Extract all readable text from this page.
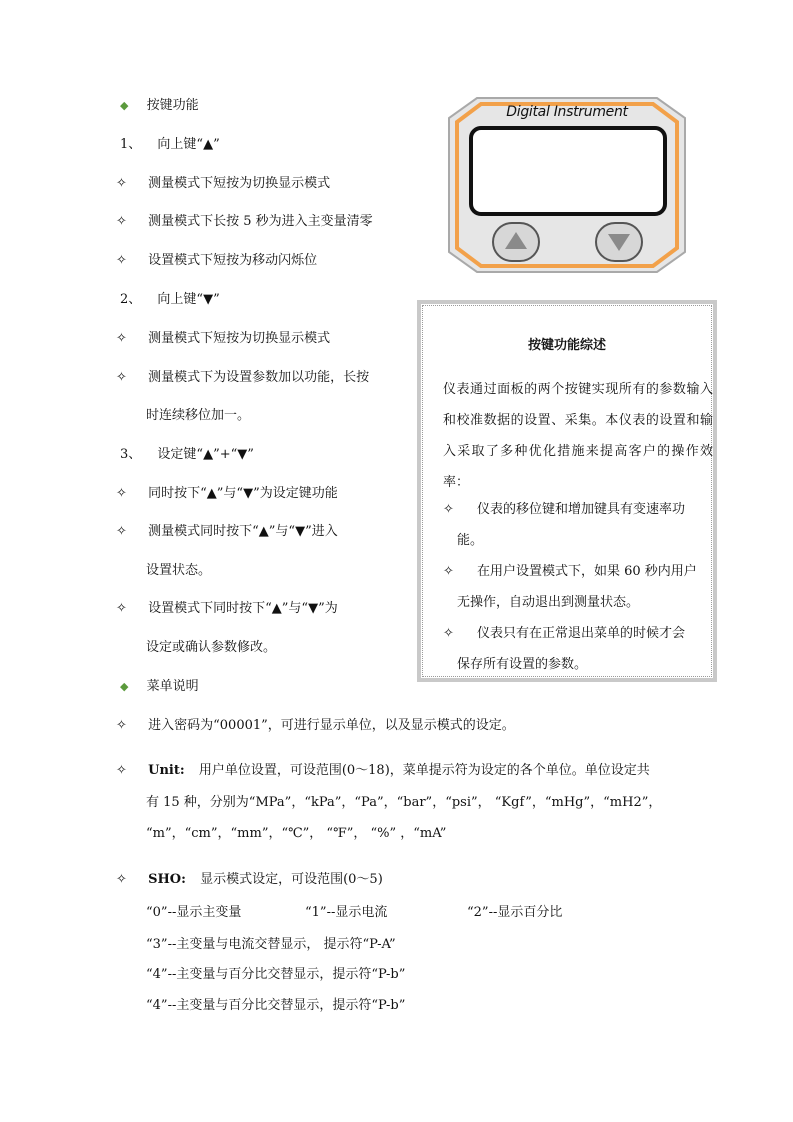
◆ 按键功能
1、 向上键“▲”
✧ 测量模式下短按为切换显示模式
✧ 测量模式下长按 5 秒为进入主变量清零
✧ 设置模式下短按为移动闪烁位
2、 向上键“▼”
✧ 测量模式下短按为切换显示模式
✧ 测量模式下为设置参数加以功能，长按
时连续移位加一。
3、 设定键“▲”+“▼”
✧ 同时按下“▲”与“▼”为设定键功能
✧ 测量模式同时按下“▲”与“▼”进入
设置状态。
✧ 设置模式下同时按下“▲”与“▼”为
设定或确认参数修改。
Digital Instrument
按键功能综述
仪表通过面板的两个按键实现所有的参数输入和校准数据的设置、采集。本仪表的设置和输入采取了多种优化措施来提高客户的操作效率：
✧ 仪表的移位键和增加键具有变速率功
能。
✧ 在用户设置模式下，如果 60 秒内用户
无操作，自动退出到测量状态。
✧ 仪表只有在正常退出菜单的时候才会
保存所有设置的参数。
◆ 菜单说明
✧ 进入密码为“00001”，可进行显示单位，以及显示模式的设定。
✧ Unit: 用户单位设置，可设范围(0～18)，菜单提示符为设定的各个单位。单位设定共
有 15 种，分别为“MPa”，“kPa”，“Pa”，“bar”，“psi”， “Kgf”，“mHg”，“mH2”，
“m”，“cm”，“mm”，“℃”， “℉”， “%” ，“mA”
✧ SHO: 显示模式设定，可设范围(0～5)
“0”--显示主变量	“1”--显示电流	“2”--显示百分比
“3”--主变量与电流交替显示， 提示符“P-A”
“4”--主变量与百分比交替显示，提示符“P-b”
“4”--主变量与百分比交替显示，提示符“P-b”
